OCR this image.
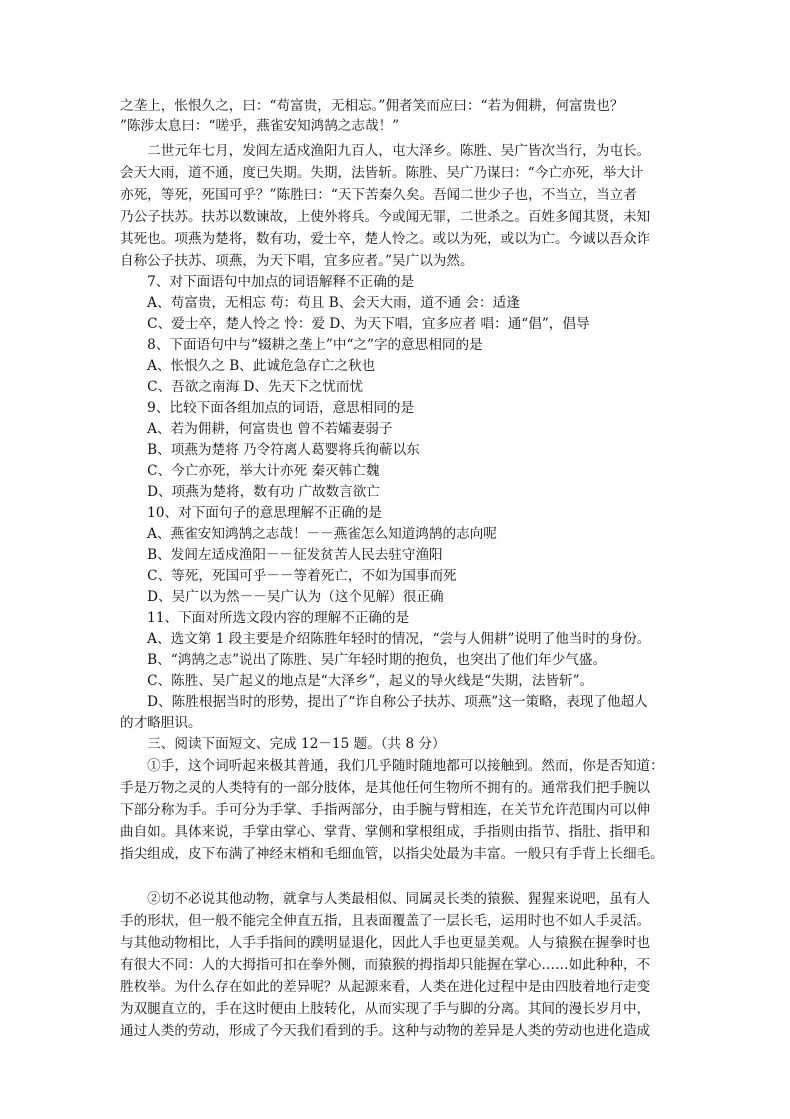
之垄上，怅恨久之，曰：“苟富贵，无相忘。”佣者笑而应曰：“若为佣耕，何富贵也？
”陈涉太息曰：“嗟乎，燕雀安知鸿鹄之志哉！”
　　二世元年七月，发闾左适戍渔阳九百人，屯大泽乡。陈胜、吴广皆次当行，为屯长。
会天大雨，道不通，度已失期。失期，法皆斩。陈胜、吴广乃谋曰：“今亡亦死，举大计
亦死，等死，死国可乎？”陈胜曰：“天下苦秦久矣。吾闻二世少子也，不当立，当立者
乃公子扶苏。扶苏以数谏故，上使外将兵。今或闻无罪，二世杀之。百姓多闻其贤，未知
其死也。项燕为楚将，数有功，爱士卒，楚人怜之。或以为死，或以为亡。今诚以吾众诈
自称公子扶苏、项燕，为天下唱，宜多应者。”吴广以为然。
　　7、对下面语句中加点的词语解释不正确的是
　　A、苟富贵，无相忘 苟：苟且 B、会天大雨，道不通 会：适逢
　　C、爱士卒，楚人怜之 怜：爱 D、为天下唱，宜多应者 唱：通“倡”，倡导
　　8、下面语句中与“辍耕之垄上”中“之”字的意思相同的是
　　A、怅恨久之 B、此诚危急存亡之秋也
　　C、吾欲之南海 D、先天下之忧而忧
　　9、比较下面各组加点的词语，意思相同的是
　　A、若为佣耕，何富贵也 曾不若孀妻弱子
　　B、项燕为楚将 乃令符离人葛婴将兵徇蕲以东
　　C、今亡亦死，举大计亦死 秦灭韩亡魏
　　D、项燕为楚将，数有功 广故数言欲亡
　　10、对下面句子的意思理解不正确的是
　　A、燕雀安知鸿鹄之志哉！－－燕雀怎么知道鸿鹄的志向呢
　　B、发闾左适戍渔阳－－征发贫苦人民去驻守渔阳
　　C、等死，死国可乎－－等着死亡，不如为国事而死
　　D、吴广以为然－－吴广认为（这个见解）很正确
　　11、下面对所选文段内容的理解不正确的是
　　A、选文第 1 段主要是介绍陈胜年轻时的情况，“尝与人佣耕”说明了他当时的身份。
　　B、“鸿鹄之志”说出了陈胜、吴广年轻时期的抱负，也突出了他们年少气盛。
　　C、陈胜、吴广起义的地点是“大泽乡”，起义的导火线是“失期，法皆斩”。
　　D、陈胜根据当时的形势，提出了“诈自称公子扶苏、项燕”这一策略，表现了他超人
的才略胆识。
　　三、阅读下面短文、完成 12－15 题。（共 8 分）
　　①手，这个词听起来极其普通，我们几乎随时随地都可以接触到。然而，你是否知道：
手是万物之灵的人类特有的一部分肢体，是其他任何生物所不拥有的。通常我们把手腕以
下部分称为手。手可分为手掌、手指两部分，由手腕与臂相连，在关节允许范围内可以伸
曲自如。具体来说，手掌由掌心、掌背、掌侧和掌根组成，手指则由指节、指肚、指甲和
指尖组成，皮下布满了神经末梢和毛细血管，以指尖处最为丰富。一般只有手背上长细毛。
　　②切不必说其他动物，就拿与人类最相似、同属灵长类的猿猴、猩猩来说吧，虽有人
手的形状，但一般不能完全伸直五指，且表面覆盖了一层长毛，运用时也不如人手灵活。
与其他动物相比，人手手指间的蹼明显退化，因此人手也更显美观。人与猿猴在握拳时也
有很大不同：人的大拇指可扣在拳外侧，而猿猴的拇指却只能握在掌心……如此种种，不
胜枚举。为什么存在如此的差异呢？从起源来看，人类在进化过程中是由四肢着地行走变
为双腿直立的，手在这时便由上肢转化，从而实现了手与脚的分离。其间的漫长岁月中，
通过人类的劳动，形成了今天我们看到的手。这种与动物的差异是人类的劳动也进化造成
